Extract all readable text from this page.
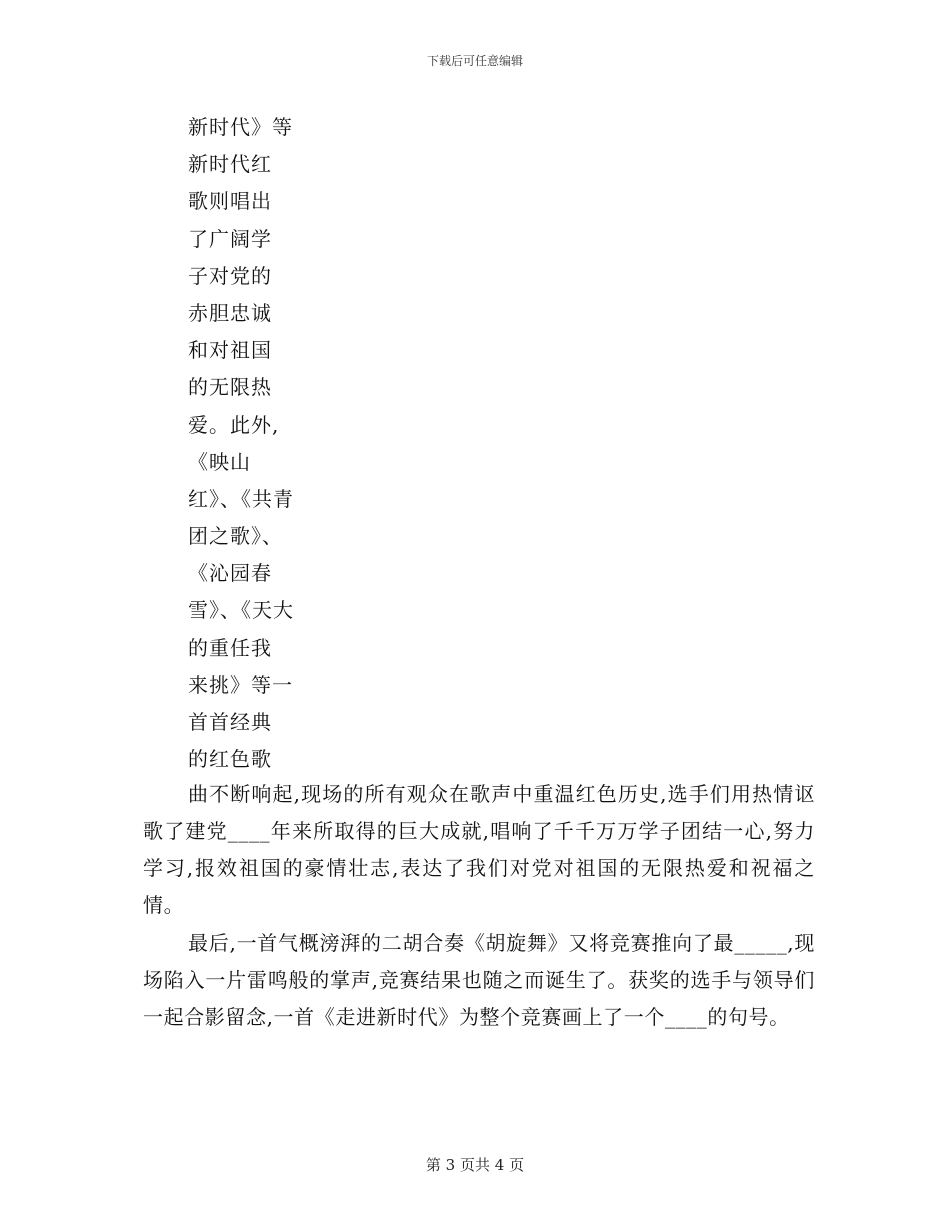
下载后可任意编辑
新时代》等
新时代红
歌则唱出
了广阔学
子对党的
赤胆忠诚
和对祖国
的无限热
爱。此外,
《映山
红》、《共青
团之歌》、
《沁园春
雪》、《天大
的重任我
来挑》等一
首首经典
的红色歌

曲不断响起,现场的所有观众在歌声中重温红色历史,选手们用热情讴歌了建党____年来所取得的巨大成就,唱响了千千万万学子团结一心,努力学习,报效祖国的豪情壮志,表达了我们对党对祖国的无限热爱和祝福之情。

最后,一首气概滂湃的二胡合奏《胡旋舞》又将竞赛推向了最_____,现场陷入一片雷鸣般的掌声,竞赛结果也随之而诞生了。获奖的选手与领导们一起合影留念,一首《走进新时代》为整个竞赛画上了一个____的句号。

第 3 页共 4 页
